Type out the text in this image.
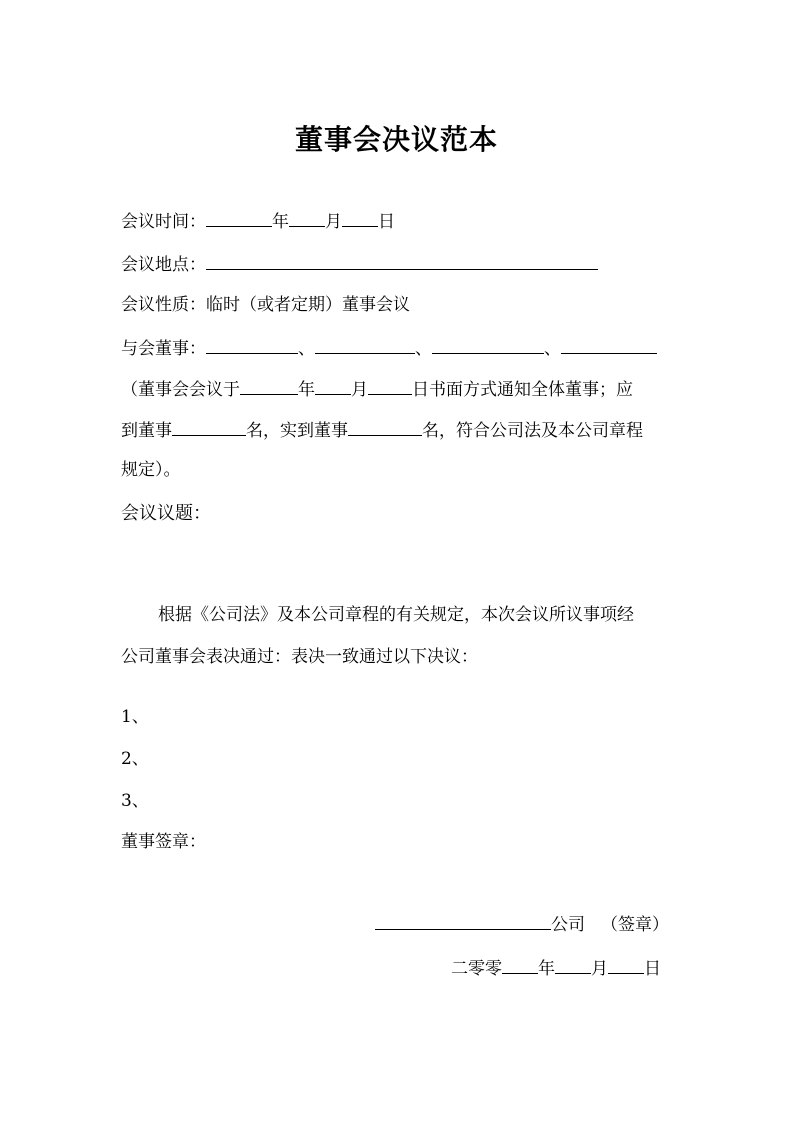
董事会决议范本
会议时间：	年 月 日
会议地点：
会议性质：临时（或者定期）董事会议
与会董事：	、	、	、
（董事会会议于	年 月	日书面方式通知全体董事；应
到董事	名，实到董事	名，符合公司法及本公司章程
规定）。
会议议题：
根据《公司法》及本公司章程的有关规定，本次会议所议事项经
公司董事会表决通过：表决一致通过以下决议：
1、
2、
3、
董事签章：
公司 （签章）
二零零 年 月 日
